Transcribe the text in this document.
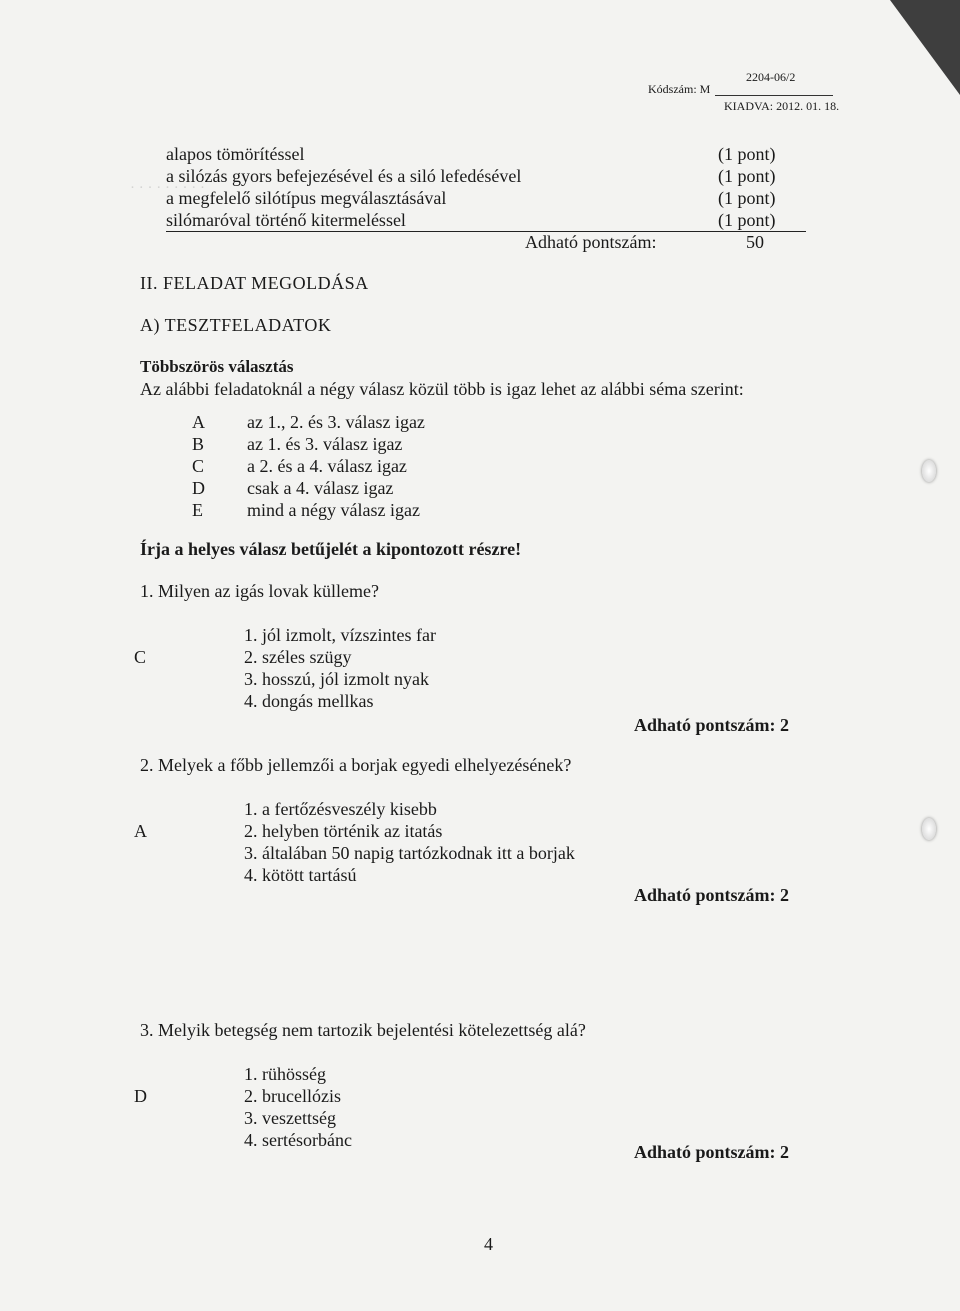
· · · · · · · · ·
Kódszám: M
2204-06/2
KIADVA: 2012. 01. 18.
alapos tömörítéssel	(1 pont)
a silózás gyors befejezésével és a siló lefedésével	(1 pont)
a megfelelő silótípus megválasztásával	(1 pont)
silómaróval történő kitermeléssel	(1 pont)
Adható pontszám:	50
II. FELADAT MEGOLDÁSA
A) TESZTFELADATOK
Többszörös választás
Az alábbi feladatoknál a négy válasz közül több is igaz lehet az alábbi séma szerint:
A az 1., 2. és 3. válasz igaz
B az 1. és 3. válasz igaz
C a 2. és a 4. válasz igaz
D csak a 4. válasz igaz
E mind a négy válasz igaz
Írja a helyes válasz betűjelét a kipontozott részre!
1. Milyen az igás lovak külleme?
C
1. jól izmolt, vízszintes far
2. széles szügy
3. hosszú, jól izmolt nyak
4. dongás mellkas
Adható pontszám: 2
2. Melyek a főbb jellemzői a borjak egyedi elhelyezésének?
A
1. a fertőzésveszély kisebb
2. helyben történik az itatás
3. általában 50 napig tartózkodnak itt a borjak
4. kötött tartású
Adható pontszám: 2
3. Melyik betegség nem tartozik bejelentési kötelezettség alá?
D
1. rühösség
2. brucellózis
3. veszettség
4. sertésorbánc
Adható pontszám: 2
4
